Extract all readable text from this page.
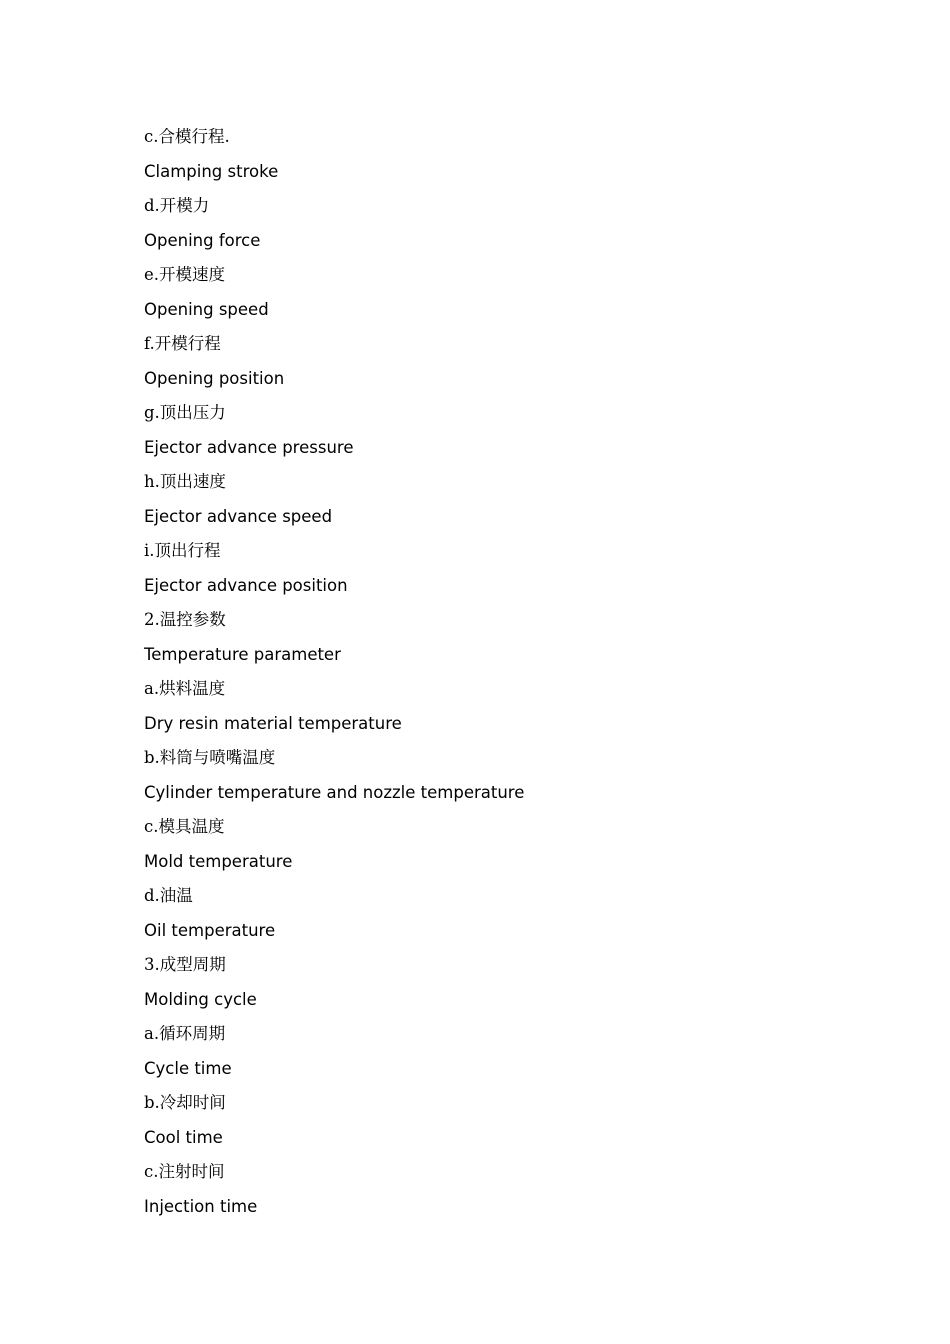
c.合模行程.
Clamping stroke
d.开模力
Opening force
e.开模速度
Opening speed
f.开模行程
Opening position
g.顶出压力
Ejector advance pressure
h.顶出速度
Ejector advance speed
i.顶出行程
Ejector advance position
2.温控参数
Temperature parameter
a.烘料温度
Dry resin material temperature
b.料筒与喷嘴温度
Cylinder temperature and nozzle temperature
c.模具温度
Mold temperature
d.油温
Oil temperature
3.成型周期
Molding cycle
a.循环周期
Cycle time
b.冷却时间
Cool time
c.注射时间
Injection time
